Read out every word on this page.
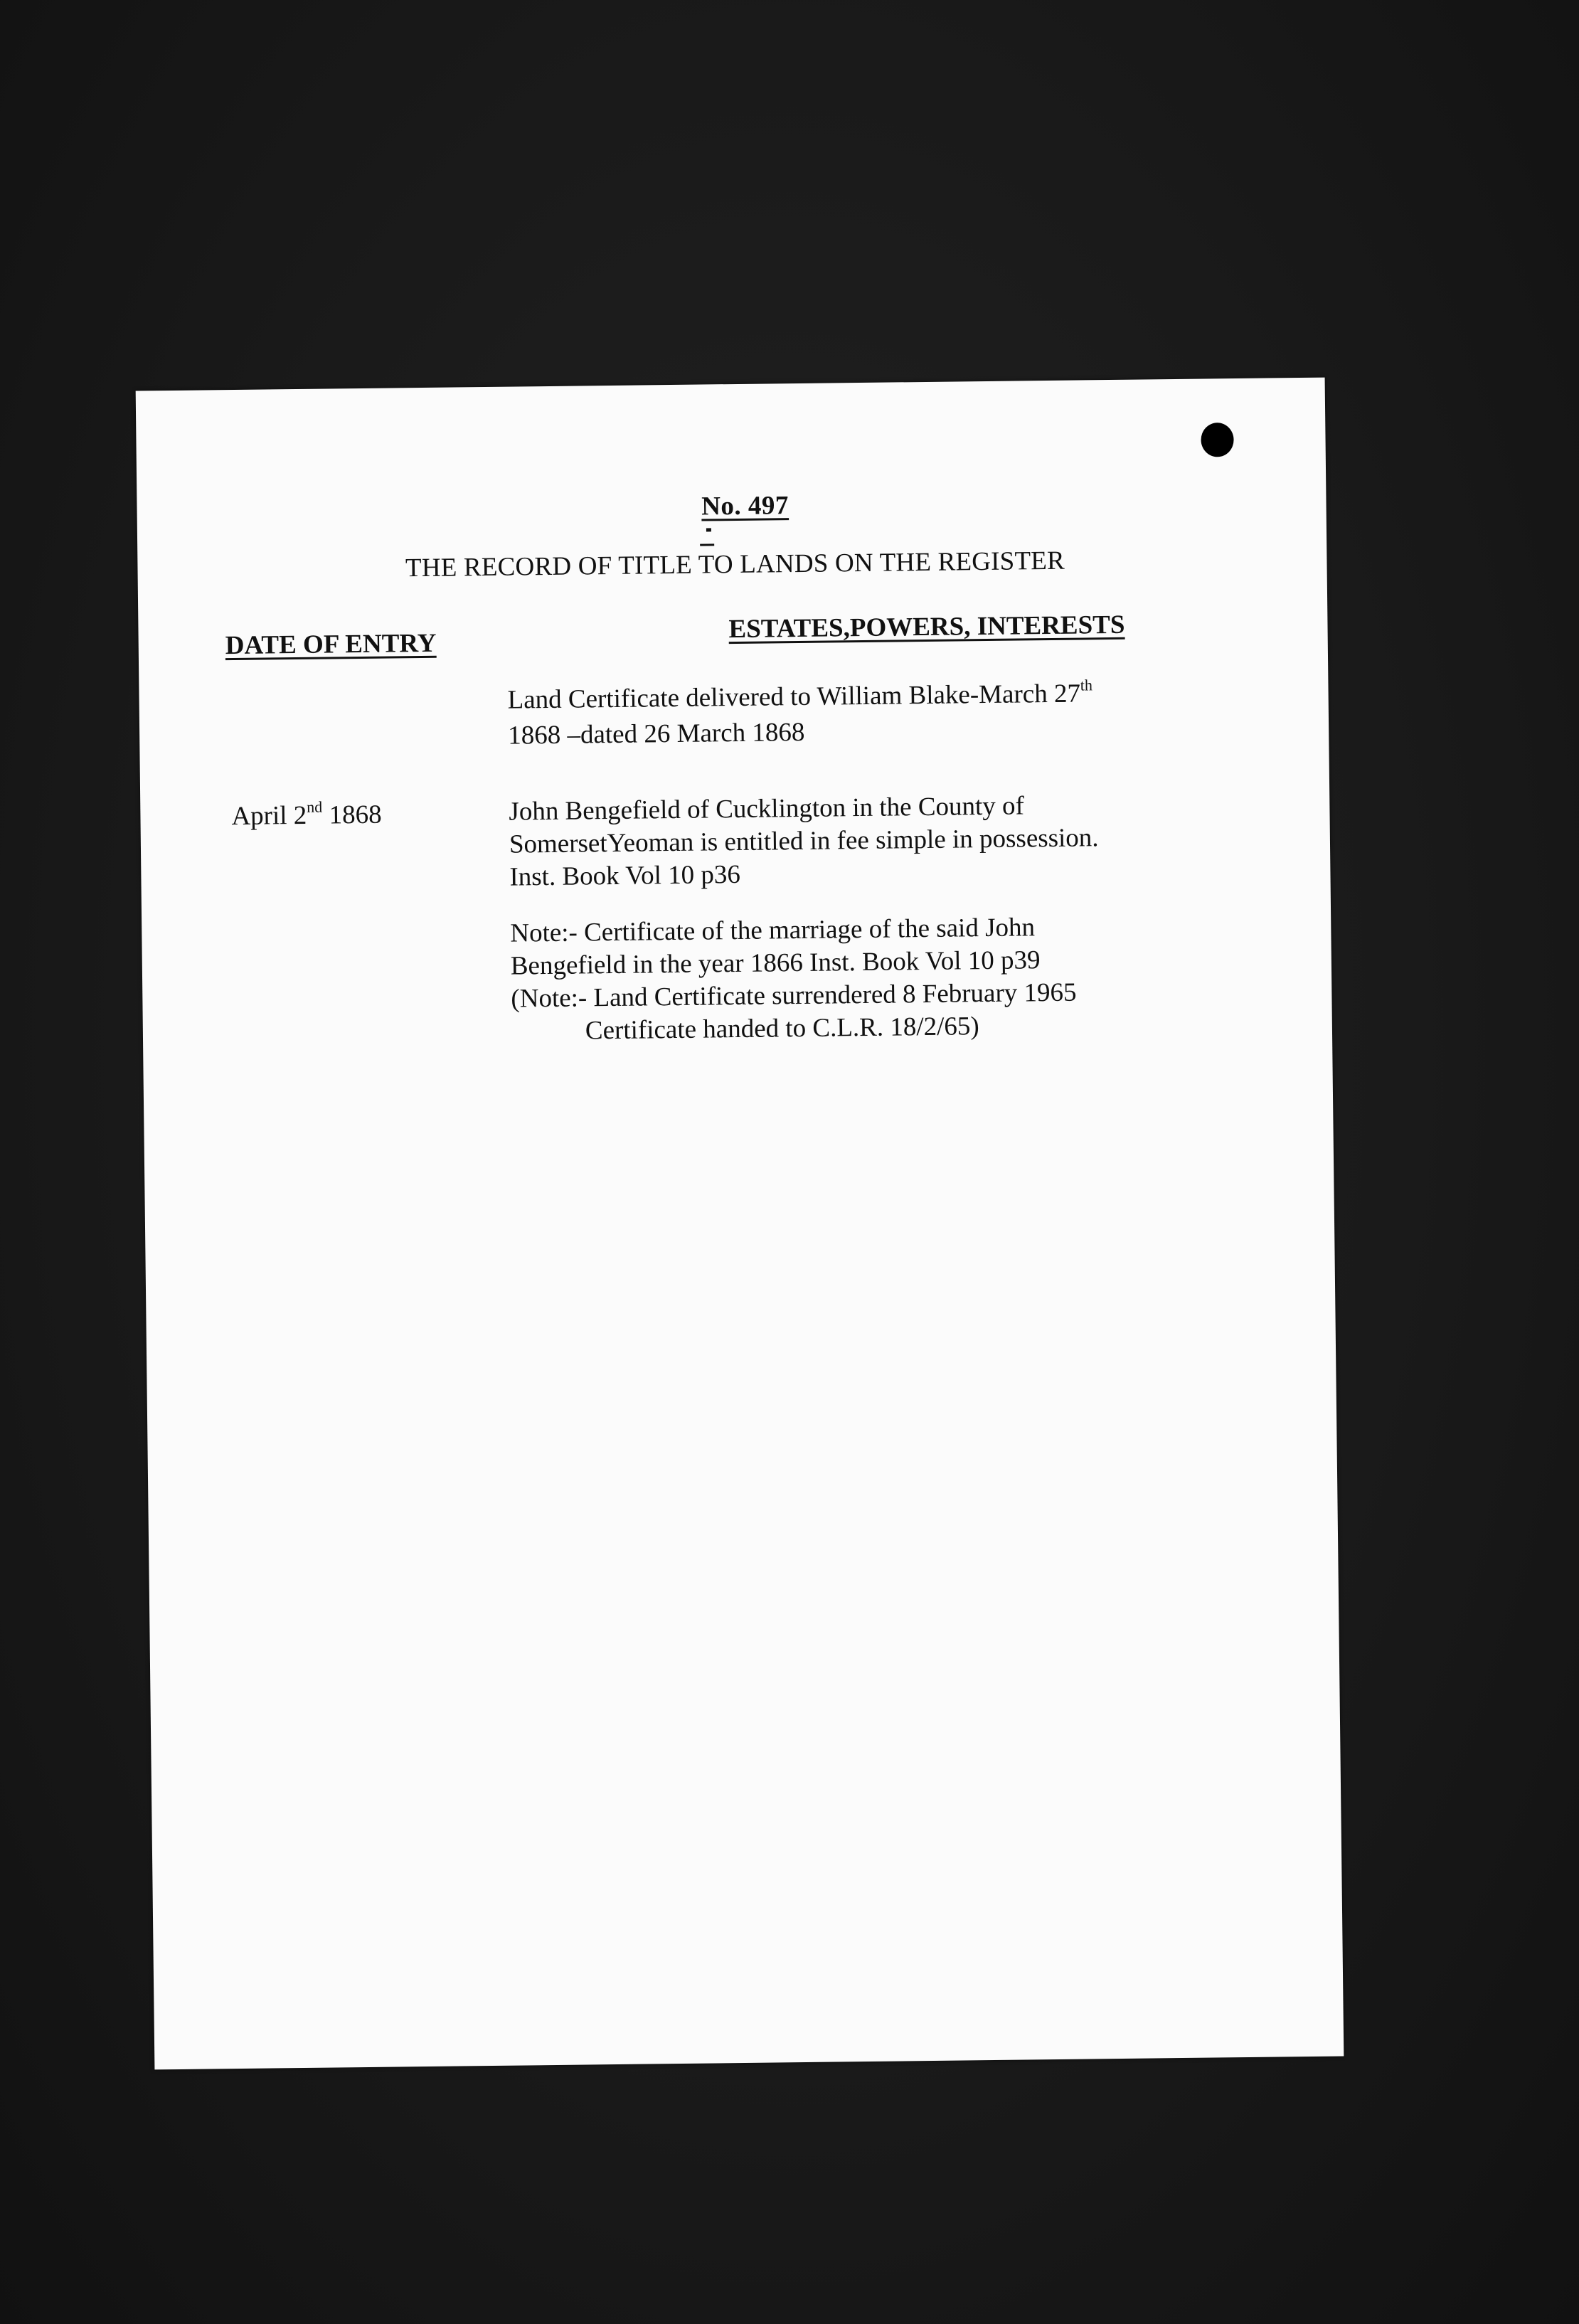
No. 497
THE RECORD OF TITLE TO LANDS ON THE REGISTER
DATE OF ENTRY
ESTATES,POWERS, INTERESTS
Land Certificate delivered to William Blake-March 27th
1868 –dated 26 March 1868
April 2nd 1868	John Bengefield of Cucklington in the County of
SomersetYeoman is entitled in fee simple in possession.
Inst. Book Vol 10 p36
Note:- Certificate of the marriage of the said John
Bengefield in the year 1866 Inst. Book Vol 10 p39
(Note:- Land Certificate surrendered 8 February 1965
Certificate handed to C.L.R. 18/2/65)
